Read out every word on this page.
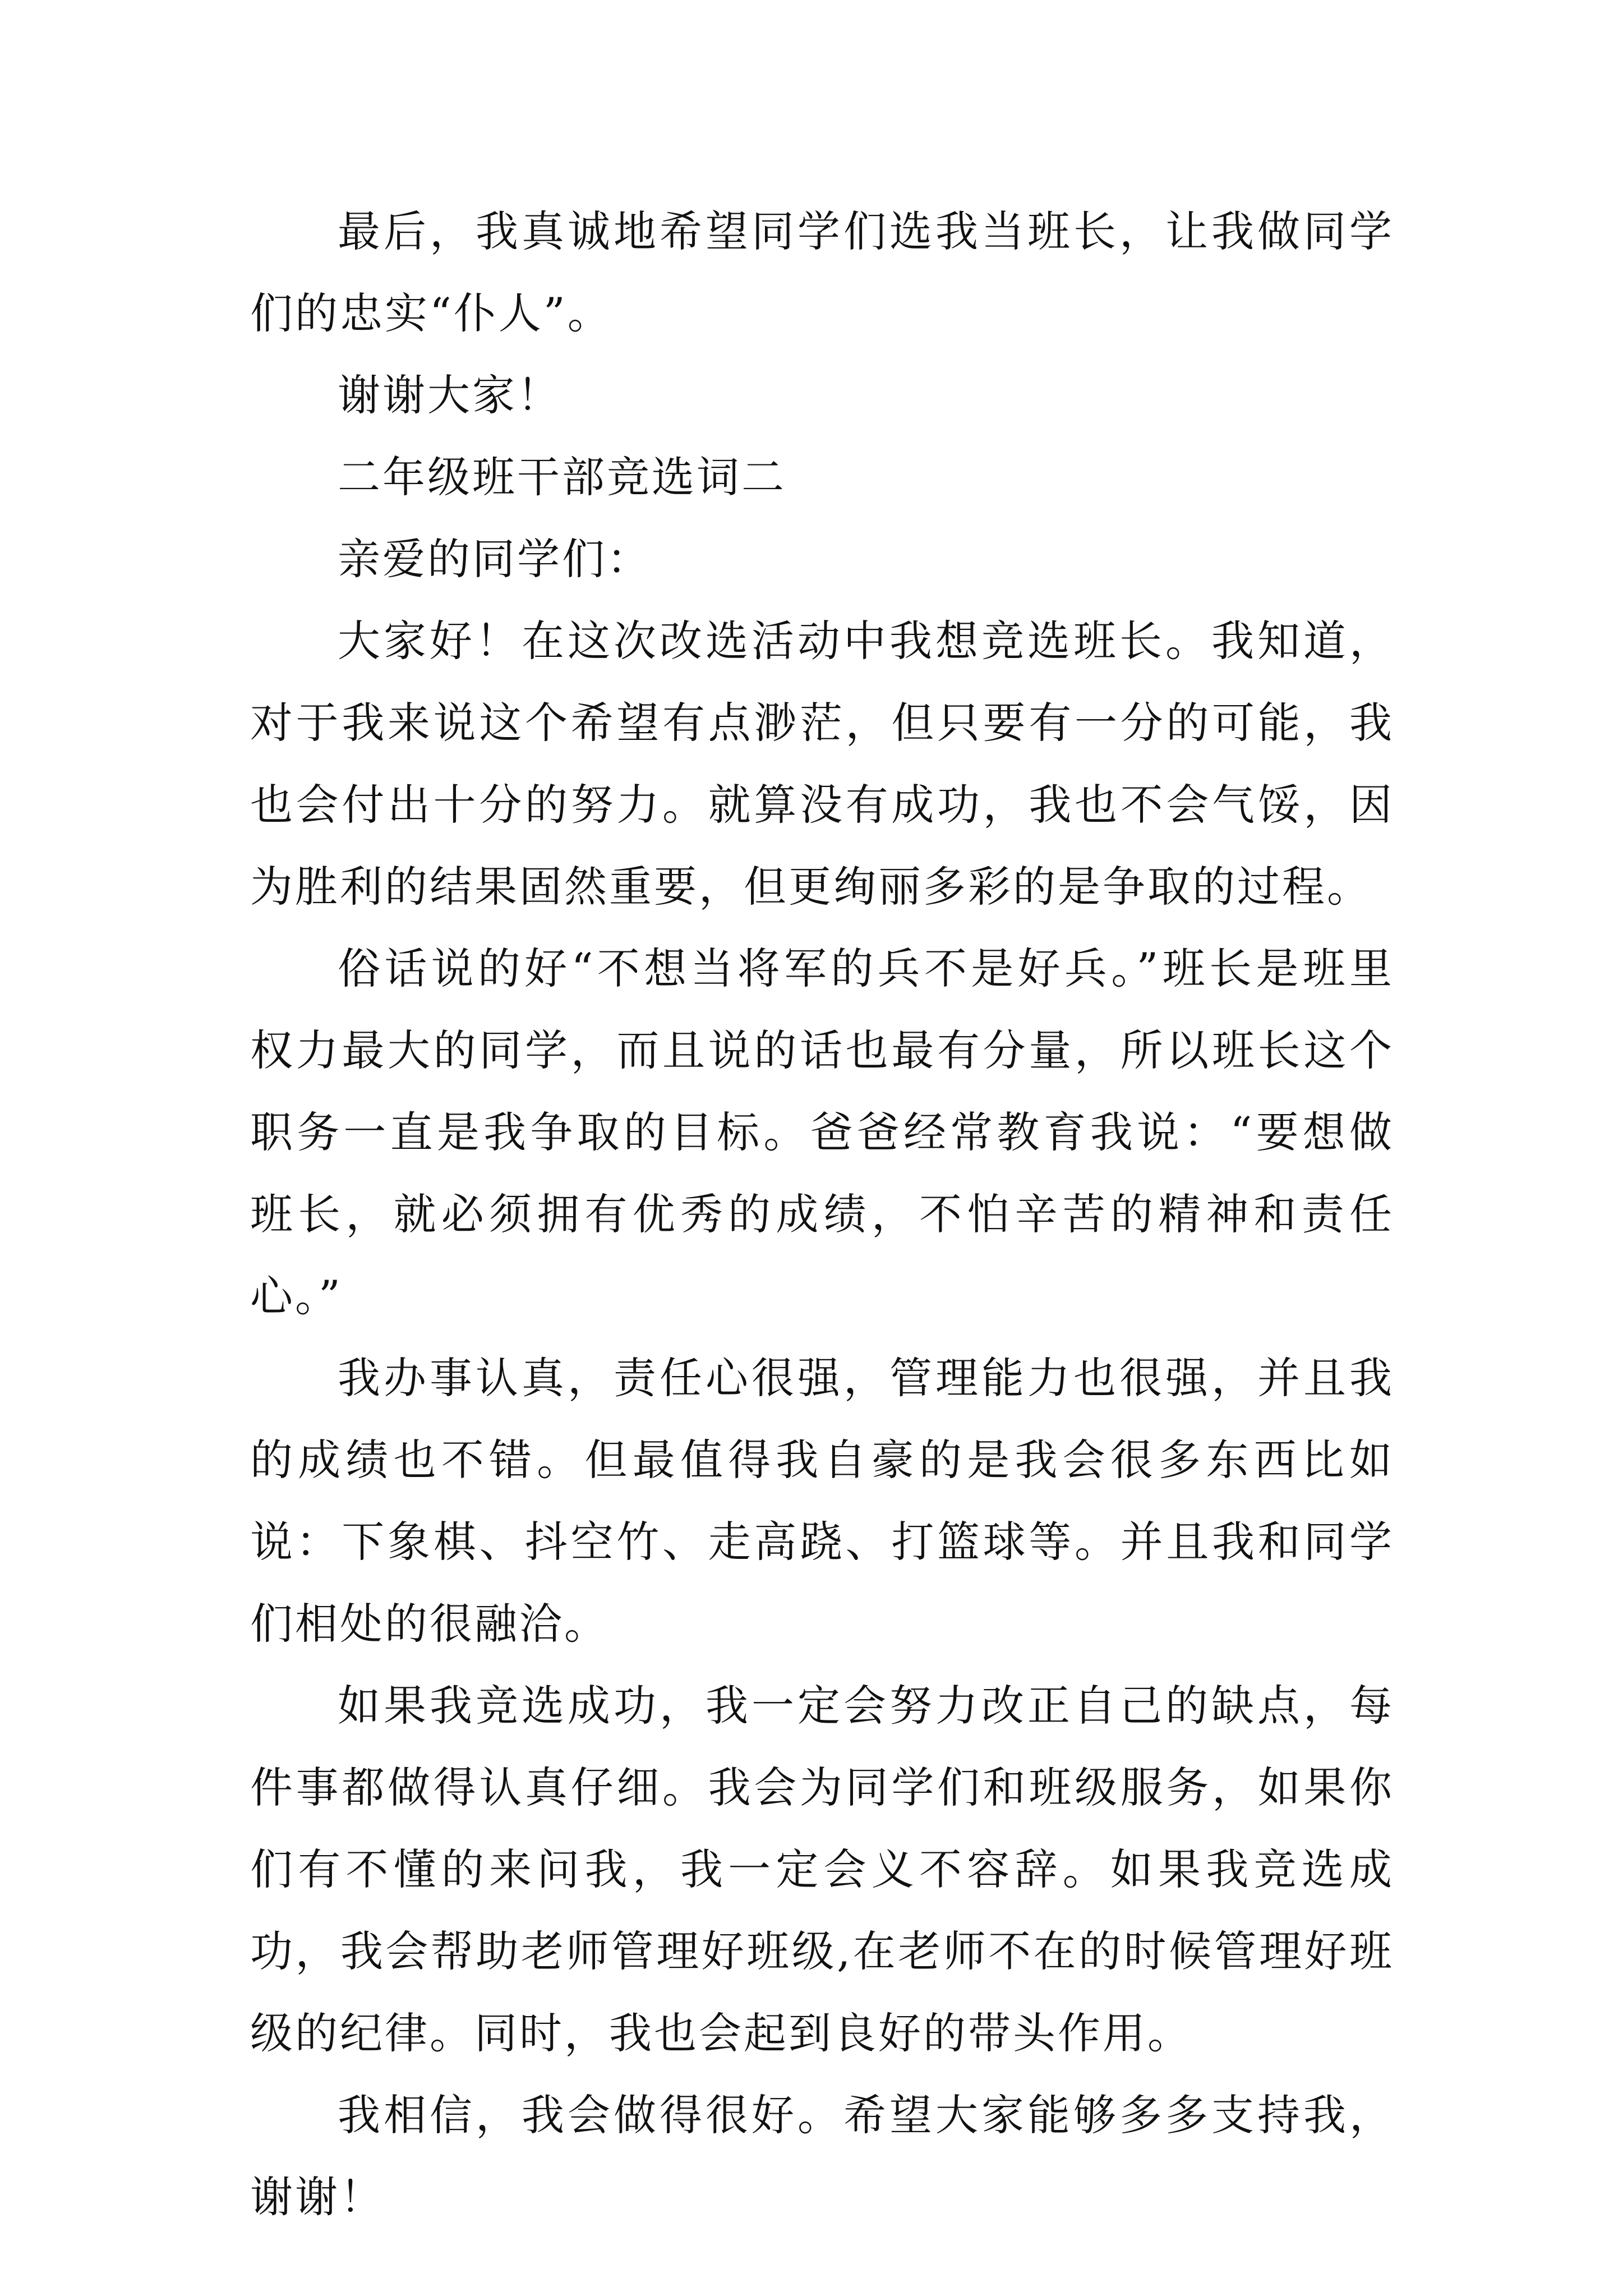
最后，我真诚地希望同学们选我当班长，让我做同学们的忠实“仆人”。

谢谢大家！

二年级班干部竞选词二

亲爱的同学们：

大家好！在这次改选活动中我想竞选班长。我知道，对于我来说这个希望有点渺茫，但只要有一分的可能，我也会付出十分的努力。就算没有成功，我也不会气馁，因为胜利的结果固然重要，但更绚丽多彩的是争取的过程。

俗话说的好“不想当将军的兵不是好兵。”班长是班里权力最大的同学，而且说的话也最有分量，所以班长这个职务一直是我争取的目标。爸爸经常教育我说：“要想做班长，就必须拥有优秀的成绩，不怕辛苦的精神和责任心。”

我办事认真，责任心很强，管理能力也很强，并且我的成绩也不错。但最值得我自豪的是我会很多东西比如说：下象棋、抖空竹、走高跷、打篮球等。并且我和同学们相处的很融洽。

如果我竞选成功，我一定会努力改正自己的缺点，每件事都做得认真仔细。我会为同学们和班级服务，如果你们有不懂的来问我，我一定会义不容辞。如果我竞选成功，我会帮助老师管理好班级,在老师不在的时候管理好班级的纪律。同时，我也会起到良好的带头作用。

我相信，我会做得很好。希望大家能够多多支持我，谢谢！
